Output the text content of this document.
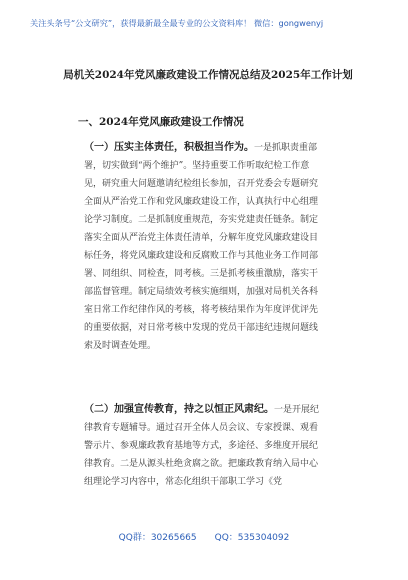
关注头条号“公文研究”，获得最新最全最专业的公文资料库！ 微信：gongwenyj
局机关2024年党风廉政建设工作情况总结及2025年工作计划
一、2024年党风廉政建设工作情况
（一）压实主体责任，积极担当作为。一是抓职责重部署，切实做到“两个维护”。坚持重要工作听取纪检工作意见，研究重大问题邀请纪检组长参加，召开党委会专题研究全面从严治党工作和党风廉政建设工作，认真执行中心组理论学习制度。二是抓制度重规范，夯实党建责任链条。制定落实全面从严治党主体责任清单，分解年度党风廉政建设目标任务，将党风廉政建设和反腐败工作与其他业务工作同部署、同组织、同检查，同考核。三是抓考核重激励，落实干部监督管理。制定局绩效考核实施细则，加强对局机关各科室日常工作纪律作风的考核，将考核结果作为年度评优评先的重要依据，对日常考核中发现的党员干部违纪违规问题线索及时调查处理。
（二）加强宣传教育，持之以恒正风肃纪。一是开展纪律教育专题辅导。通过召开全体人员会议、专家授课、观看警示片、参观廉政教育基地等方式，多途径、多维度开展纪律教育。二是从源头杜绝贪腐之欲。把廉政教育纳入局中心组理论学习内容中，常态化组织干部职工学习《党
QQ群：30265665 QQ：535304092
